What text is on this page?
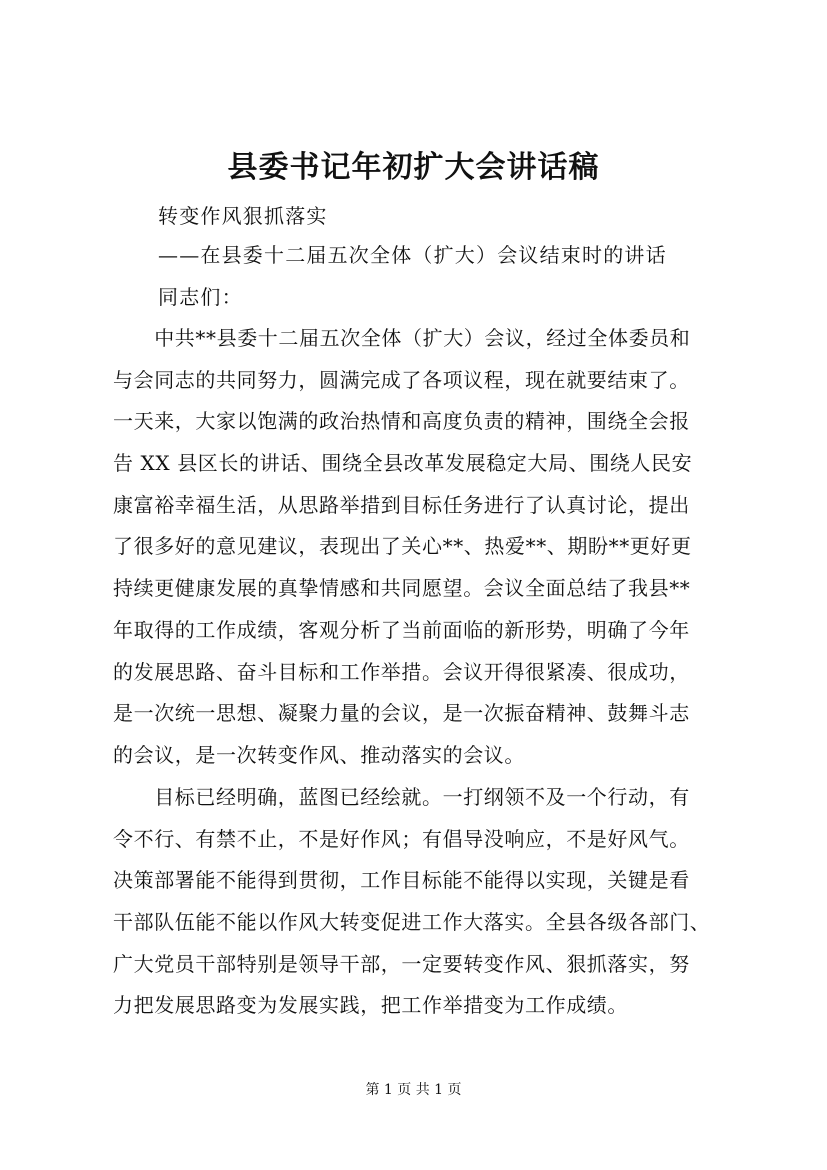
县委书记年初扩大会讲话稿
转变作风狠抓落实
——在县委十二届五次全体（扩大）会议结束时的讲话
同志们：
　　中共**县委十二届五次全体（扩大）会议，经过全体委员和
与会同志的共同努力，圆满完成了各项议程，现在就要结束了。
一天来，大家以饱满的政治热情和高度负责的精神，围绕全会报
告 XX 县区长的讲话、围绕全县改革发展稳定大局、围绕人民安
康富裕幸福生活，从思路举措到目标任务进行了认真讨论，提出
了很多好的意见建议，表现出了关心**、热爱**、期盼**更好更
持续更健康发展的真挚情感和共同愿望。会议全面总结了我县**
年取得的工作成绩，客观分析了当前面临的新形势，明确了今年
的发展思路、奋斗目标和工作举措。会议开得很紧凑、很成功，
是一次统一思想、凝聚力量的会议，是一次振奋精神、鼓舞斗志
的会议，是一次转变作风、推动落实的会议。
　　目标已经明确，蓝图已经绘就。一打纲领不及一个行动，有
令不行、有禁不止，不是好作风；有倡导没响应，不是好风气。
决策部署能不能得到贯彻，工作目标能不能得以实现，关键是看
干部队伍能不能以作风大转变促进工作大落实。全县各级各部门、
广大党员干部特别是领导干部，一定要转变作风、狠抓落实，努
力把发展思路变为发展实践，把工作举措变为工作成绩。
第 1 页 共 1 页
